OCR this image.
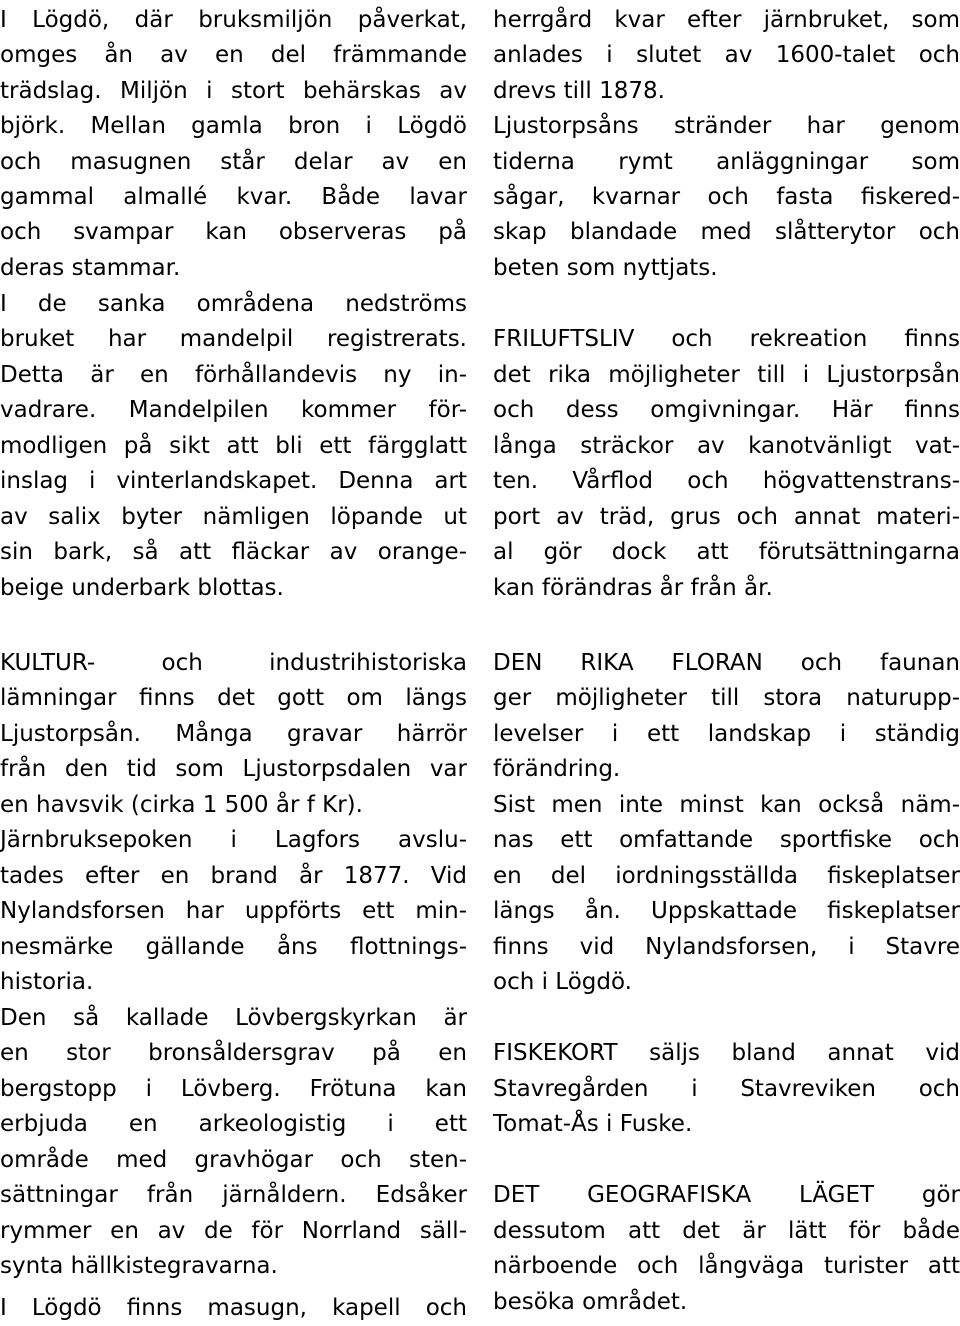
I Lögdö, där bruksmiljön påverkat,
omges ån av en del främmande
trädslag. Miljön i stort behärskas av
björk. Mellan gamla bron i Lögdö
och masugnen står delar av en
gammal almallé kvar. Både lavar
och svampar kan observeras på
deras stammar.
I de sanka områdena nedströms
bruket har mandelpil registrerats.
Detta är en förhållandevis ny in-
vadrare. Mandelpilen kommer för-
modligen på sikt att bli ett färgglatt
inslag i vinterlandskapet. Denna art
av salix byter nämligen löpande ut
sin bark, så att fläckar av orange-
beige underbark blottas.
KULTUR- och industrihistoriska
lämningar finns det gott om längs
Ljustorpsån. Många gravar härrör
från den tid som Ljustorpsdalen var
en havsvik (cirka 1 500 år f Kr).
Järnbruksepoken i Lagfors avslu-
tades efter en brand år 1877. Vid
Nylandsforsen har uppförts ett min-
nesmärke gällande åns flottnings-
historia.
Den så kallade Lövbergskyrkan är
en stor bronsåldersgrav på en
bergstopp i Lövberg. Frötuna kan
erbjuda en arkeologistig i ett
område med gravhögar och sten-
sättningar från järnåldern. Edsåker
rymmer en av de för Norrland säll-
synta hällkistegravarna.
I Lögdö finns masugn, kapell och
herrgård kvar efter järnbruket, som
anlades i slutet av 1600-talet och
drevs till 1878.
Ljustorpsåns stränder har genom
tiderna rymt anläggningar som
sågar, kvarnar och fasta fiskered-
skap blandade med slåtterytor och
beten som nyttjats.
FRILUFTSLIV och rekreation finns
det rika möjligheter till i Ljustorpsån
och dess omgivningar. Här finns
långa sträckor av kanotvänligt vat-
ten. Vårflod och högvattenstrans-
port av träd, grus och annat materi-
al gör dock att förutsättningarna
kan förändras år från år.
DEN RIKA FLORAN och faunan
ger möjligheter till stora naturupp-
levelser i ett landskap i ständig
förändring.
Sist men inte minst kan också näm-
nas ett omfattande sportfiske och
en del iordningsställda fiskeplatser
längs ån. Uppskattade fiskeplatser
finns vid Nylandsforsen, i Stavre
och i Lögdö.
FISKEKORT säljs bland annat vid
Stavregården i Stavreviken och
Tomat-Ås i Fuske.
DET GEOGRAFISKA LÄGET gör
dessutom att det är lätt för både
närboende och långväga turister att
besöka området.
